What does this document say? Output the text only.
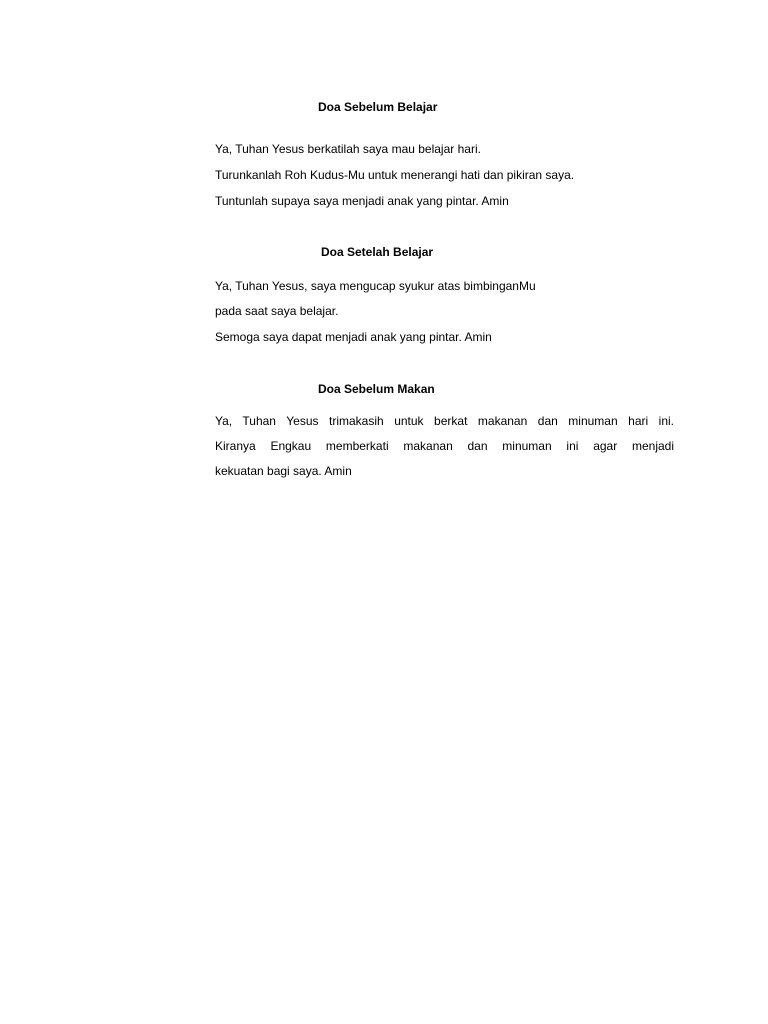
Doa Sebelum Belajar
Ya, Tuhan Yesus berkatilah saya mau belajar hari.
Turunkanlah Roh Kudus-Mu untuk menerangi hati dan pikiran saya.
Tuntunlah supaya saya menjadi anak yang pintar. Amin
Doa Setelah Belajar
Ya, Tuhan Yesus, saya mengucap syukur atas bimbinganMu
pada saat saya belajar.
Semoga saya dapat menjadi anak yang pintar. Amin
Doa Sebelum Makan
Ya, Tuhan Yesus trimakasih untuk berkat makanan dan minuman hari ini.
Kiranya Engkau memberkati makanan dan minuman ini agar menjadi
kekuatan bagi saya. Amin
